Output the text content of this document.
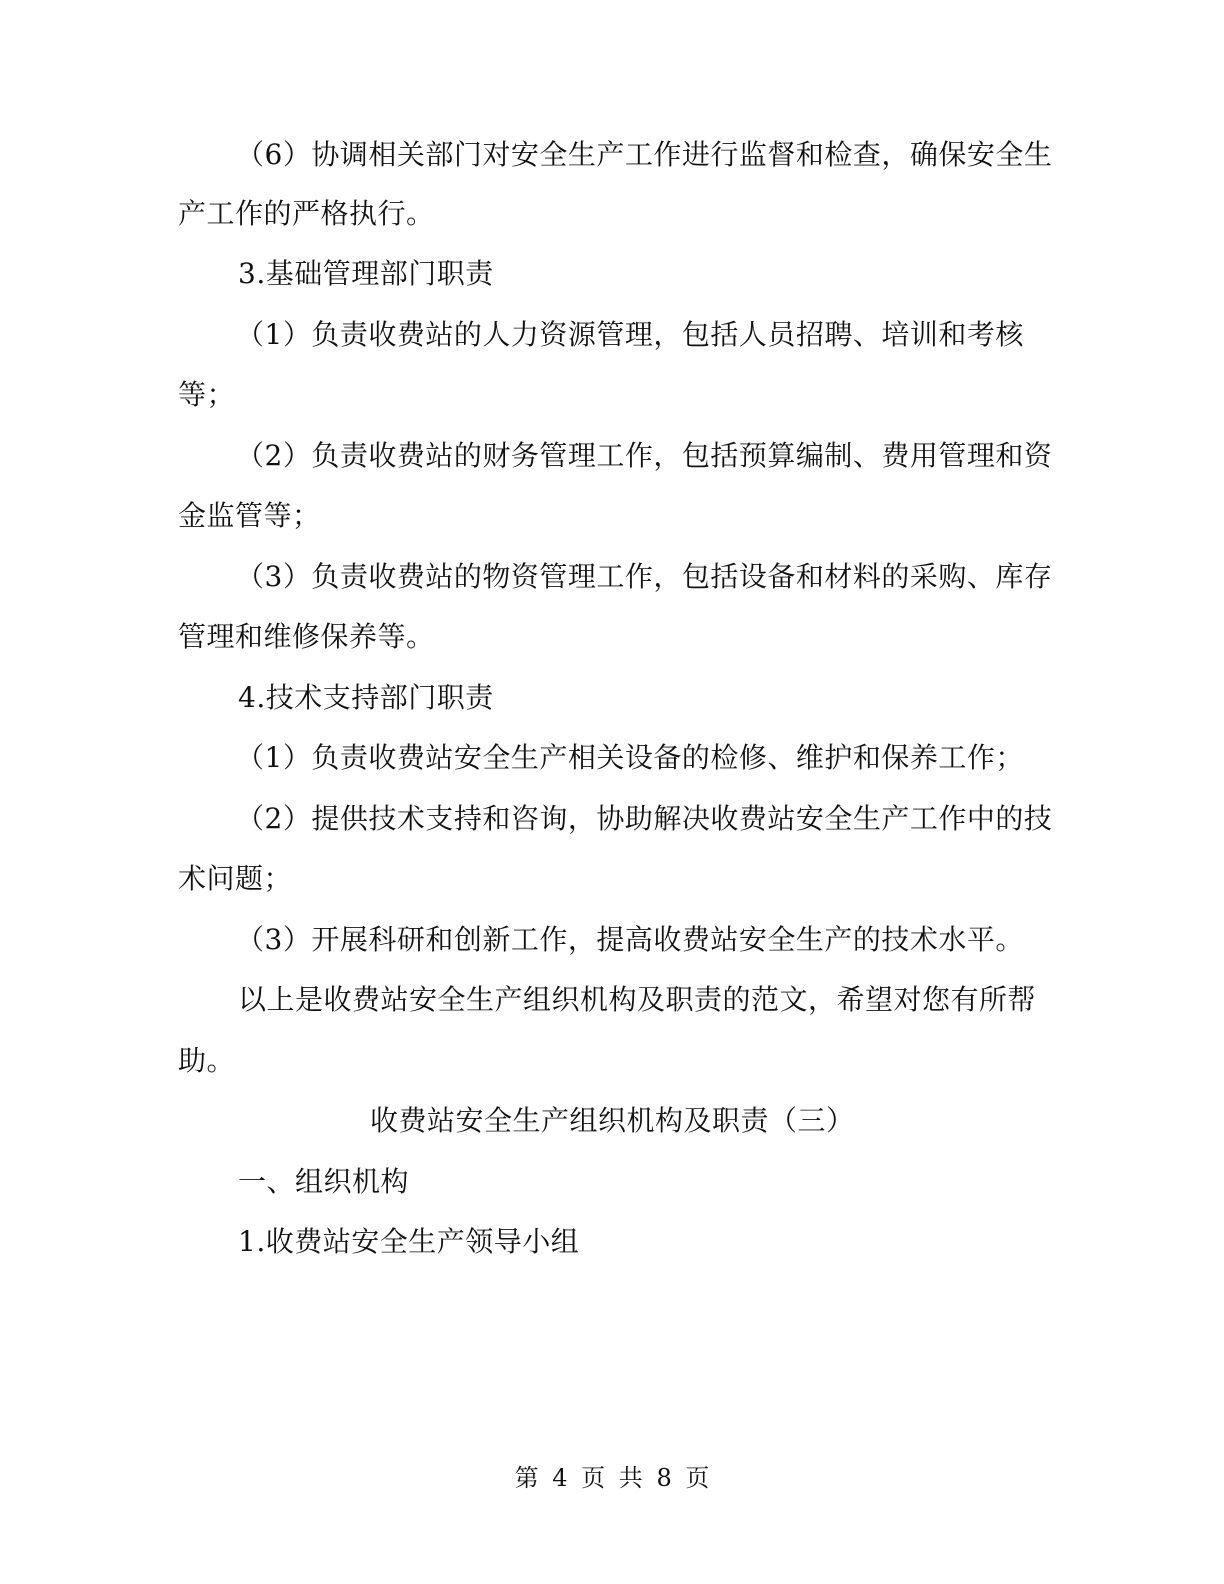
（6）协调相关部门对安全生产工作进行监督和检查，确保安全生
产工作的严格执行。
3.基础管理部门职责
（1）负责收费站的人力资源管理，包括人员招聘、培训和考核
等；
（2）负责收费站的财务管理工作，包括预算编制、费用管理和资
金监管等；
（3）负责收费站的物资管理工作，包括设备和材料的采购、库存
管理和维修保养等。
4.技术支持部门职责
（1）负责收费站安全生产相关设备的检修、维护和保养工作；
（2）提供技术支持和咨询，协助解决收费站安全生产工作中的技
术问题；
（3）开展科研和创新工作，提高收费站安全生产的技术水平。
以上是收费站安全生产组织机构及职责的范文，希望对您有所帮
助。
收费站安全生产组织机构及职责（三）
一、组织机构
1.收费站安全生产领导小组
第 4 页 共 8 页
